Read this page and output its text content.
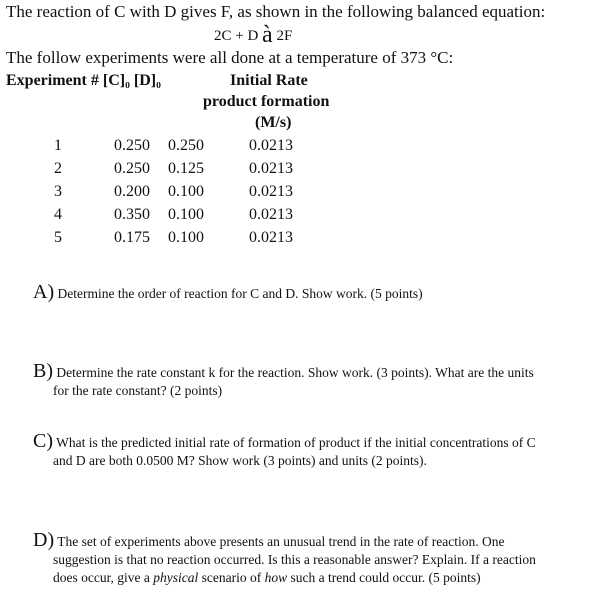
The reaction of C with D gives F, as shown in the following balanced equation:
2C + D à 2F
The follow experiments were all done at a temperature of 373 °C:
Experiment # [C]₀ [D]₀	Initial Rate
product formation
(M/s)
1	0.250 0.250	0.0213
2	0.250 0.125	0.0213
3	0.200 0.100	0.0213
4	0.350 0.100	0.0213
5	0.175 0.100	0.0213
A) Determine the order of reaction for C and D. Show work. (5 points)
B) Determine the rate constant k for the reaction. Show work. (3 points). What are the units
for the rate constant? (2 points)
C) What is the predicted initial rate of formation of product if the initial concentrations of C
and D are both 0.0500 M? Show work (3 points) and units (2 points).
D) The set of experiments above presents an unusual trend in the rate of reaction. One
suggestion is that no reaction occurred. Is this a reasonable answer? Explain. If a reaction
does occur, give a physical scenario of how such a trend could occur. (5 points)
